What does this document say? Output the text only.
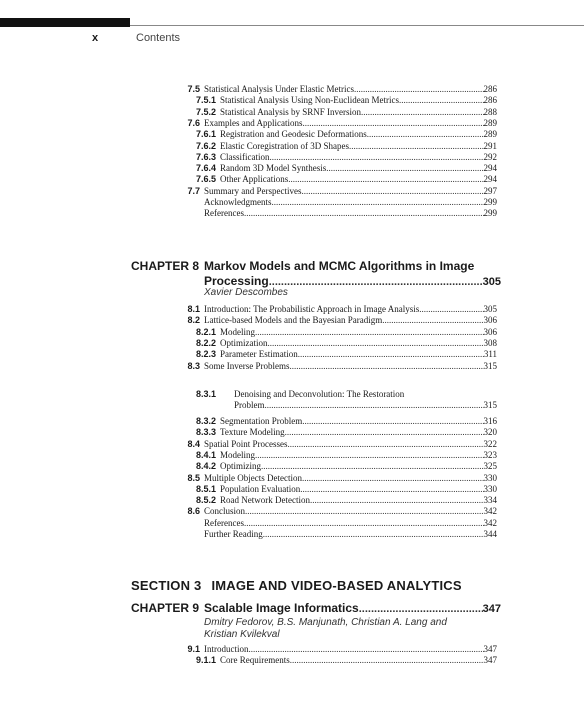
x	Contents
7.5 Statistical Analysis Under Elastic Metrics .....	286
7.5.1 Statistical Analysis Using Non-Euclidean Metrics .....	286
7.5.2 Statistical Analysis by SRNF Inversion .....	288
7.6 Examples and Applications .....	289
7.6.1 Registration and Geodesic Deformations .....	289
7.6.2 Elastic Coregistration of 3D Shapes .....	291
7.6.3 Classification .....	292
7.6.4 Random 3D Model Synthesis .....	294
7.6.5 Other Applications .....	294
7.7 Summary and Perspectives .....	297
Acknowledgments .....	299
References .....	299
CHAPTER 8 Markov Models and MCMC Algorithms in Image
Processing .....	305
Xavier Descombes
8.1 Introduction: The Probabilistic Approach in Image Analysis .....	305
8.2 Lattice-based Models and the Bayesian Paradigm .....	306
8.2.1 Modeling .....	306
8.2.2 Optimization .....	308
8.2.3 Parameter Estimation .....	311
8.3 Some Inverse Problems .....	315
8.3.1 Denoising and Deconvolution: The Restoration
Problem .....	315
8.3.2 Segmentation Problem .....	316
8.3.3 Texture Modeling .....	320
8.4 Spatial Point Processes .....	322
8.4.1 Modeling .....	323
8.4.2 Optimizing .....	325
8.5 Multiple Objects Detection .....	330
8.5.1 Population Evaluation .....	330
8.5.2 Road Network Detection .....	334
8.6 Conclusion .....	342
References .....	342
Further Reading .....	344
SECTION 3 IMAGE AND VIDEO-BASED ANALYTICS
CHAPTER 9 Scalable Image Informatics .....	347
Dmitry Fedorov, B.S. Manjunath, Christian A. Lang and
Kristian Kvilekval
9.1 Introduction .....	347
9.1.1 Core Requirements .....	347
